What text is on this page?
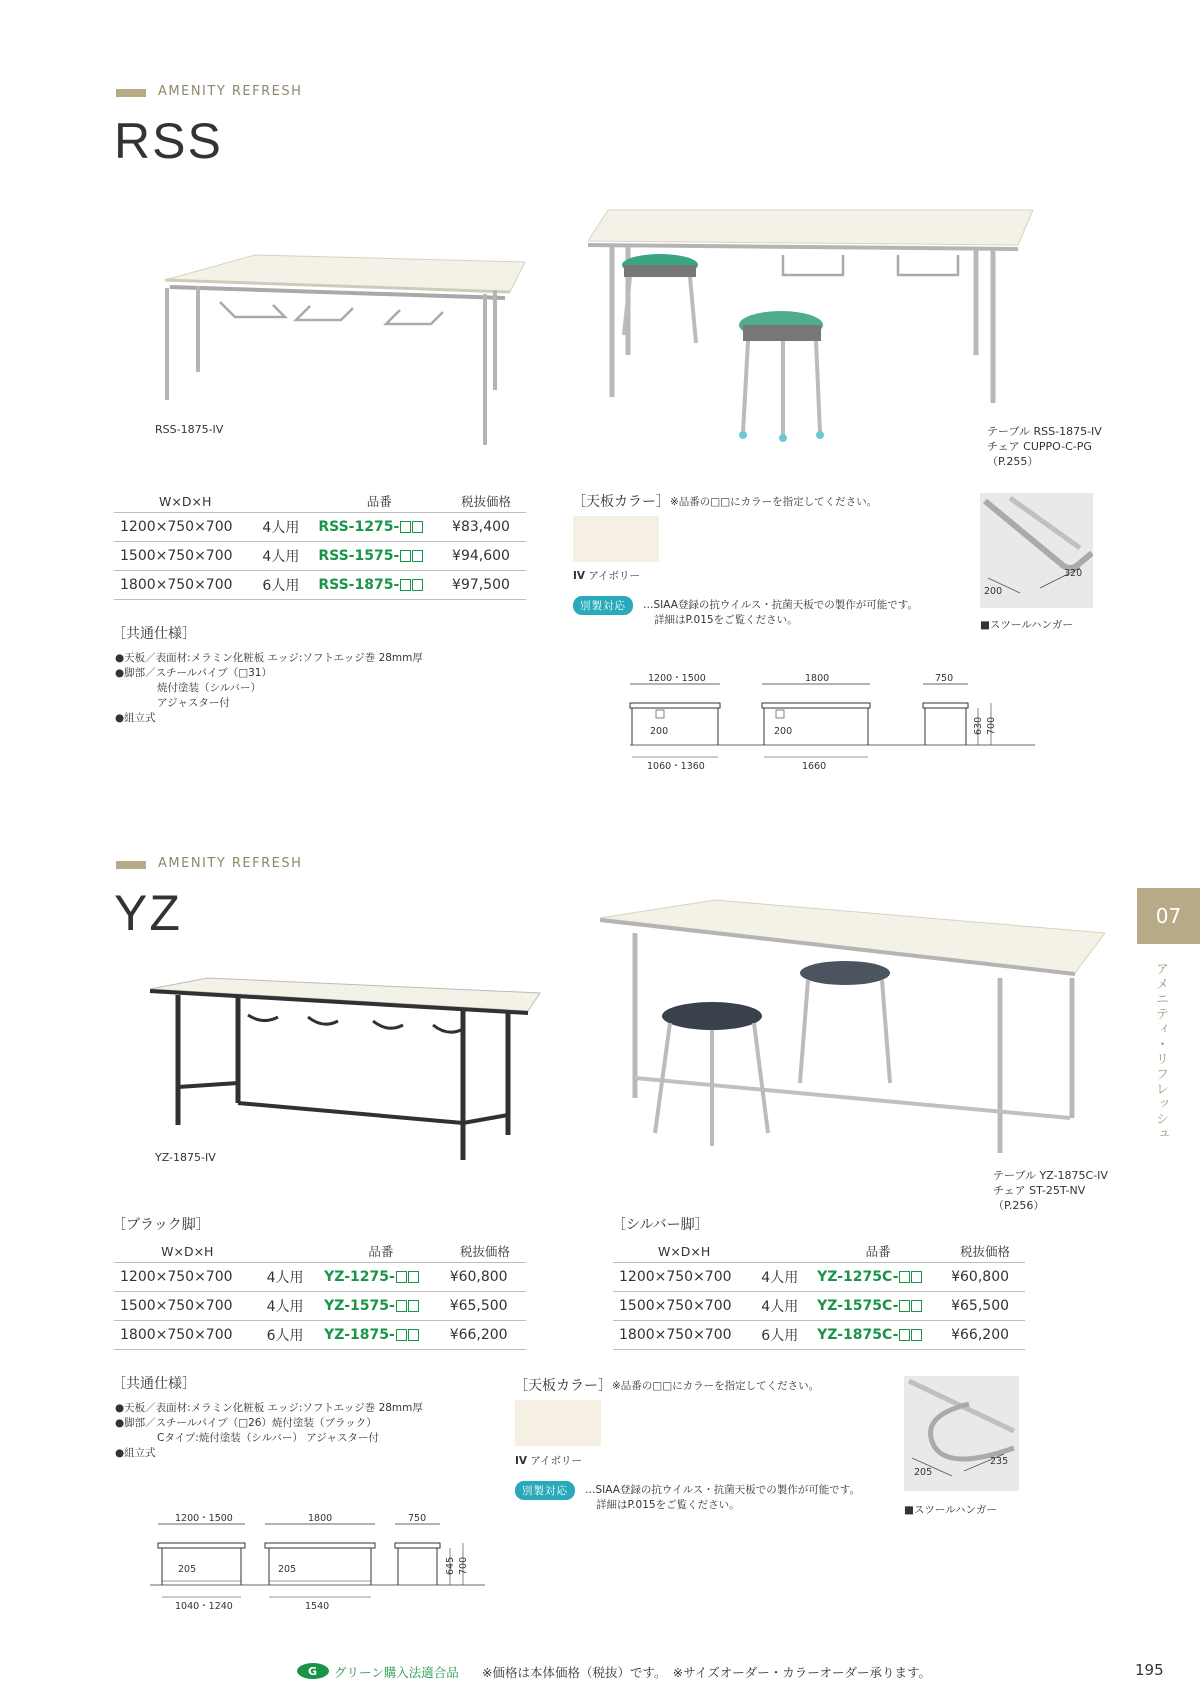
AMENITY REFRESH
RSS
RSS-1875-IV	テーブル RSS-1875-IV
チェア CUPPO-C-PG
（P.255）
W×D×H		品番	税抜価格
1200×750×700	4人用	RSS-1275-	¥83,400
1500×750×700	4人用	RSS-1575-	¥94,600
1800×750×700	6人用	RSS-1875-	¥97,500
［共通仕様］
●天板／表面材:メラミン化粧板 エッジ:ソフトエッジ巻 28mm厚
●脚部／スチールパイプ（□31）
焼付塗装（シルバー）
アジャスター付
●組立式
［天板カラー］ ※品番の□□にカラーを指定してください。
IV アイボリー
別製対応	…SIAA登録の抗ウイルス・抗菌天板での製作が可能です。
詳細はP.015をご覧ください。
200
320
■スツールハンガー
1200・1500
200
1060・1360
1800
200
1660
750
630 700
AMENITY REFRESH
YZ
YZ-1875-IV
テーブル YZ-1875C-IV
チェア ST-25T-NV
（P.256）
［ブラック脚］
W×D×H		品番	税抜価格
1200×750×700	4人用	YZ-1275-	¥60,800
1500×750×700	4人用	YZ-1575-	¥65,500
1800×750×700	6人用	YZ-1875-	¥66,200
［シルバー脚］
W×D×H		品番	税抜価格
1200×750×700	4人用	YZ-1275C-	¥60,800
1500×750×700	4人用	YZ-1575C-	¥65,500
1800×750×700	6人用	YZ-1875C-	¥66,200
［共通仕様］
●天板／表面材:メラミン化粧板 エッジ:ソフトエッジ巻 28mm厚
●脚部／スチールパイプ（□26）焼付塗装（ブラック）
Cタイプ:焼付塗装（シルバー） アジャスター付
●組立式
［天板カラー］ ※品番の□□にカラーを指定してください。
IV アイボリー
別製対応	…SIAA登録の抗ウイルス・抗菌天板での製作が可能です。
詳細はP.015をご覧ください。
205
235
■スツールハンガー
1200・1500
205
1040・1240
1800
205
1540
750
645 700
07
アメニティ・リフレッシュ
G グリーン購入法適合品 ※価格は本体価格（税抜）です。　※サイズオーダー・カラーオーダー承ります。	195
